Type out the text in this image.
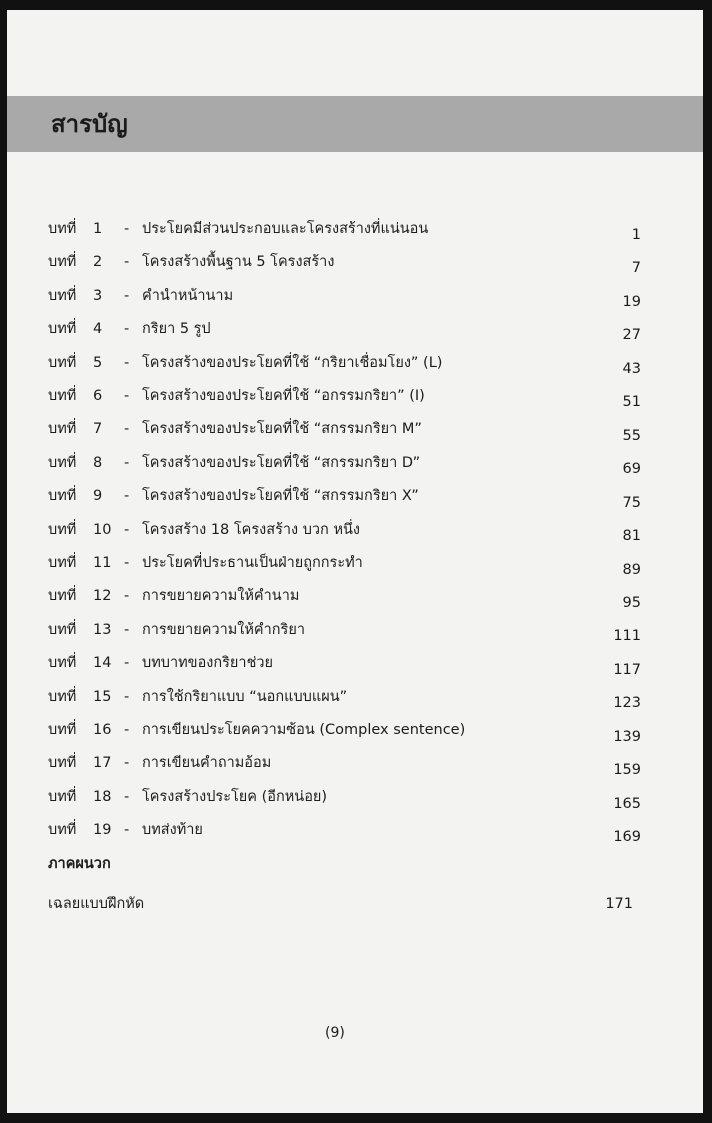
สารบัญ
บทที่ 1	- ประโยคมีส่วนประกอบและโครงสร้างที่แน่นอน	1
บทที่ 2	- โครงสร้างพื้นฐาน 5 โครงสร้าง	7
บทที่ 3	- คำนำหน้านาม	19
บทที่ 4	- กริยา 5 รูป	27
บทที่ 5	- โครงสร้างของประโยคที่ใช้ “กริยาเชื่อมโยง” (L)	43
บทที่ 6	- โครงสร้างของประโยคที่ใช้ “อกรรมกริยา” (I)	51
บทที่ 7	- โครงสร้างของประโยคที่ใช้ “สกรรมกริยา M”	55
บทที่ 8	- โครงสร้างของประโยคที่ใช้ “สกรรมกริยา D”	69
บทที่ 9	- โครงสร้างของประโยคที่ใช้ “สกรรมกริยา X”	75
บทที่ 10 - โครงสร้าง 18 โครงสร้าง บวก หนึ่ง	81
บทที่ 11 - ประโยคที่ประธานเป็นฝ่ายถูกกระทำ	89
บทที่ 12 - การขยายความให้คำนาม	95
บทที่ 13 - การขยายความให้คำกริยา	111
บทที่ 14 - บทบาทของกริยาช่วย	117
บทที่ 15 - การใช้กริยาแบบ “นอกแบบแผน”	123
บทที่ 16 - การเขียนประโยคความซ้อน (Complex sentence)	139
บทที่ 17 - การเขียนคำถามอ้อม	159
บทที่ 18 - โครงสร้างประโยค (อีกหน่อย)	165
บทที่ 19 - บทส่งท้าย	169
ภาคผนวก
เฉลยแบบฝึกหัด	171
(9)
